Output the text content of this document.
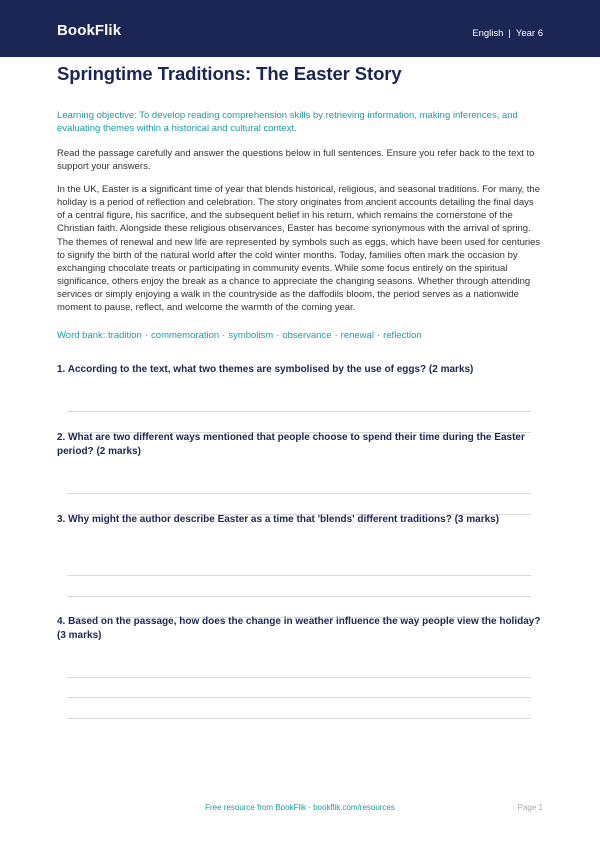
BookFlik	English | Year 6
Springtime Traditions: The Easter Story

Learning objective: To develop reading comprehension skills by retrieving information, making inferences, and evaluating themes within a historical and cultural context.

Read the passage carefully and answer the questions below in full sentences. Ensure you refer back to the text to support your answers.

In the UK, Easter is a significant time of year that blends historical, religious, and seasonal traditions. For many, the holiday is a period of reflection and celebration. The story originates from ancient accounts detailing the final days of a central figure, his sacrifice, and the subsequent belief in his return, which remains the cornerstone of the Christian faith. Alongside these religious observances, Easter has become synonymous with the arrival of spring. The themes of renewal and new life are represented by symbols such as eggs, which have been used for centuries to signify the birth of the natural world after the cold winter months. Today, families often mark the occasion by exchanging chocolate treats or participating in community events. While some focus entirely on the spiritual significance, others enjoy the break as a chance to appreciate the changing seasons. Whether through attending services or simply enjoying a walk in the countryside as the daffodils bloom, the period serves as a nationwide moment to pause, reflect, and welcome the warmth of the coming year.

Word bank: tradition · commemoration · symbolism · observance · renewal · reflection

1. According to the text, what two themes are symbolised by the use of eggs? (2 marks)
2. What are two different ways mentioned that people choose to spend their time during the Easter period? (2 marks)
3. Why might the author describe Easter as a time that 'blends' different traditions? (3 marks)
4. Based on the passage, how does the change in weather influence the way people view the holiday? (3 marks)
Free resource from BookFlik · bookflik.com/resources	Page 1
